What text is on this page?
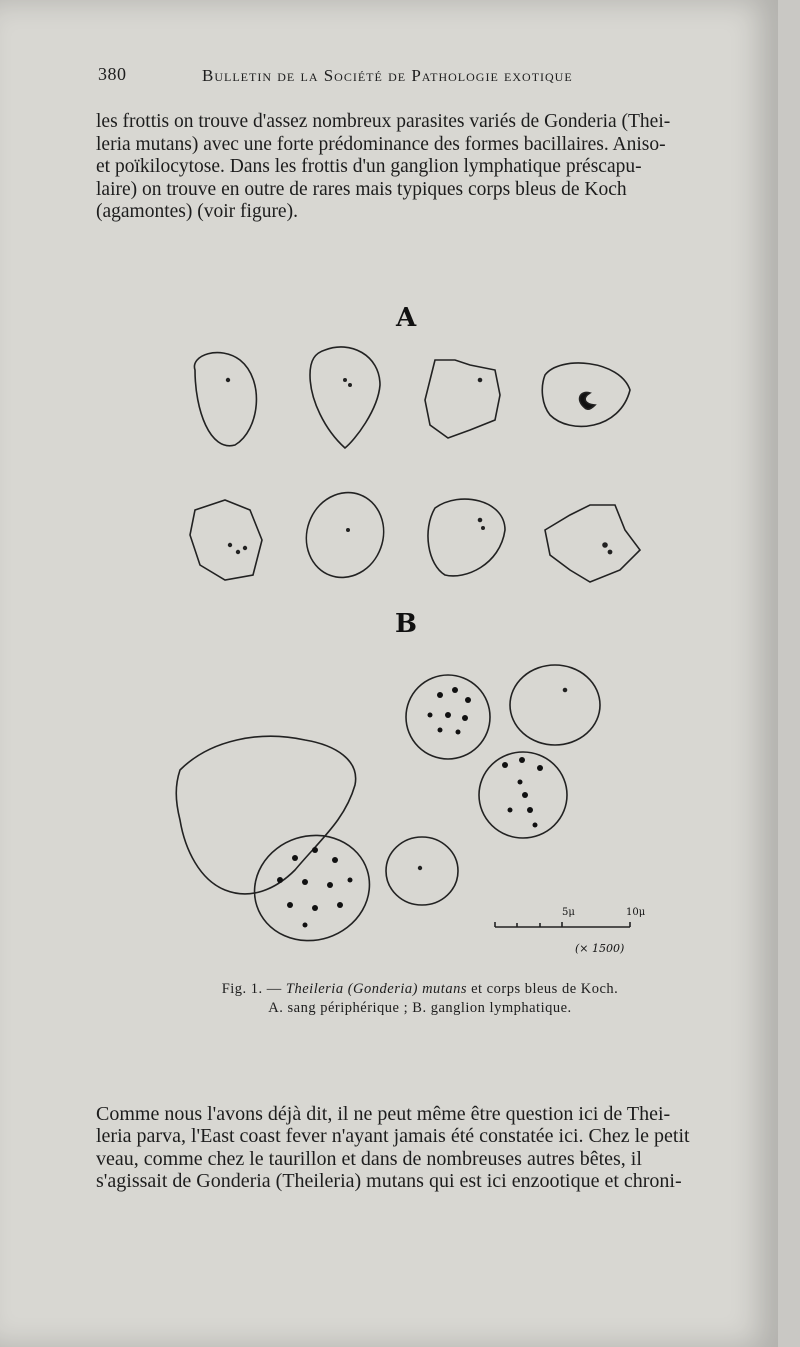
380	Bulletin de la Société de Pathologie exotique
les frottis on trouve d'assez nombreux parasites variés de Gonderia (Thei-
leria mutans) avec une forte prédominance des formes bacillaires. Aniso-
et poïkilocytose. Dans les frottis d'un ganglion lymphatique préscapu-
laire) on trouve en outre de rares mais typiques corps bleus de Koch
(agamontes) (voir figure).
A
B
5μ	10μ
(× 1500)
Fig. 1. — Theileria (Gonderia) mutans et corps bleus de Koch.
A. sang périphérique ; B. ganglion lymphatique.
Comme nous l'avons déjà dit, il ne peut même être question ici de Thei-
leria parva, l'East coast fever n'ayant jamais été constatée ici. Chez le petit
veau, comme chez le taurillon et dans de nombreuses autres bêtes, il
s'agissait de Gonderia (Theileria) mutans qui est ici enzootique et chroni-
